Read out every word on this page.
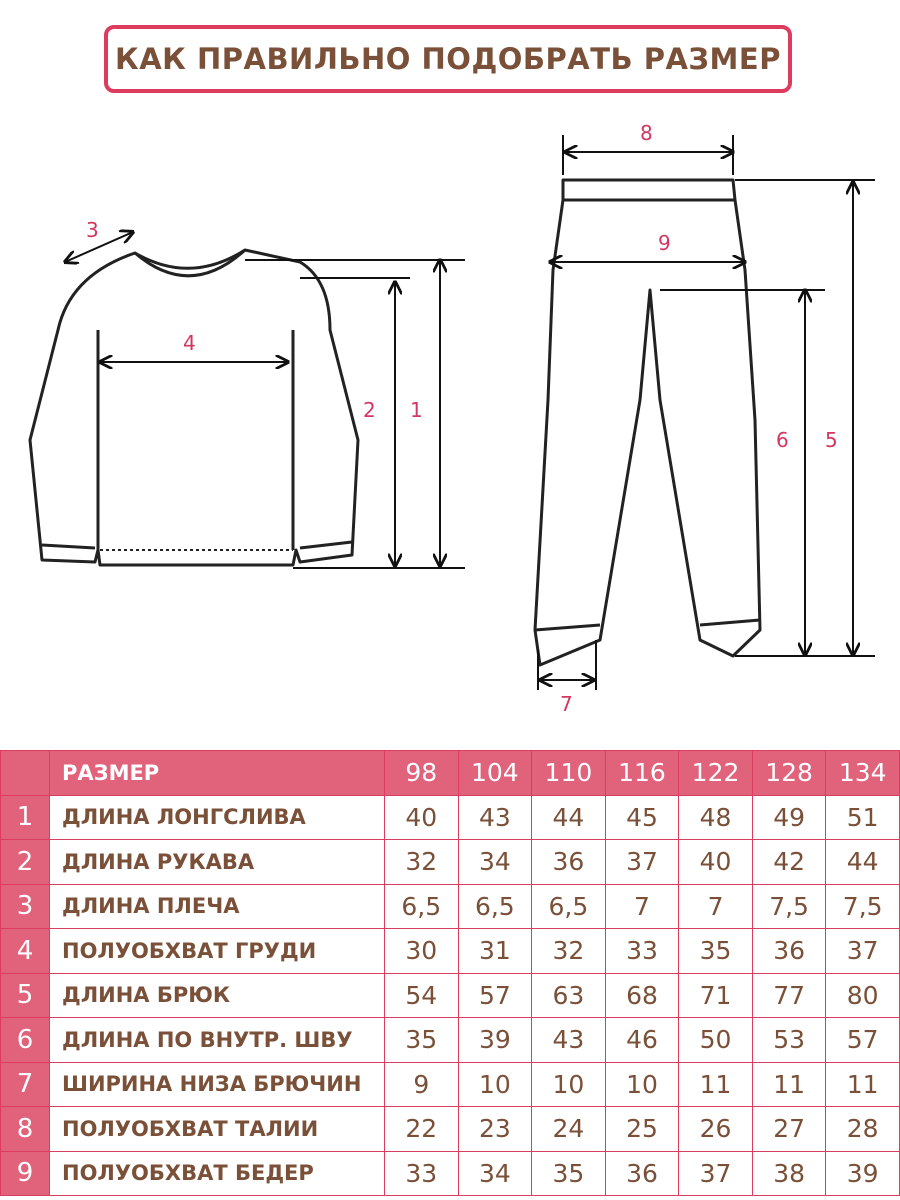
КАК ПРАВИЛЬНО ПОДОБРАТЬ РАЗМЕР
1
2
3
4
5
6
7
8
9
	РАЗМЕР	98	104	110	116	122	128	134
1	ДЛИНА ЛОНГСЛИВА	40	43	44	45	48	49	51
2	ДЛИНА РУКАВА	32	34	36	37	40	42	44
3	ДЛИНА ПЛЕЧА	6,5	6,5	6,5	7	7	7,5	7,5
4	ПОЛУОБХВАТ ГРУДИ	30	31	32	33	35	36	37
5	ДЛИНА БРЮК	54	57	63	68	71	77	80
6	ДЛИНА ПО ВНУТР. ШВУ	35	39	43	46	50	53	57
7	ШИРИНА НИЗА БРЮЧИН	9	10	10	10	11	11	11
8	ПОЛУОБХВАТ ТАЛИИ	22	23	24	25	26	27	28
9	ПОЛУОБХВАТ БЕДЕР	33	34	35	36	37	38	39
